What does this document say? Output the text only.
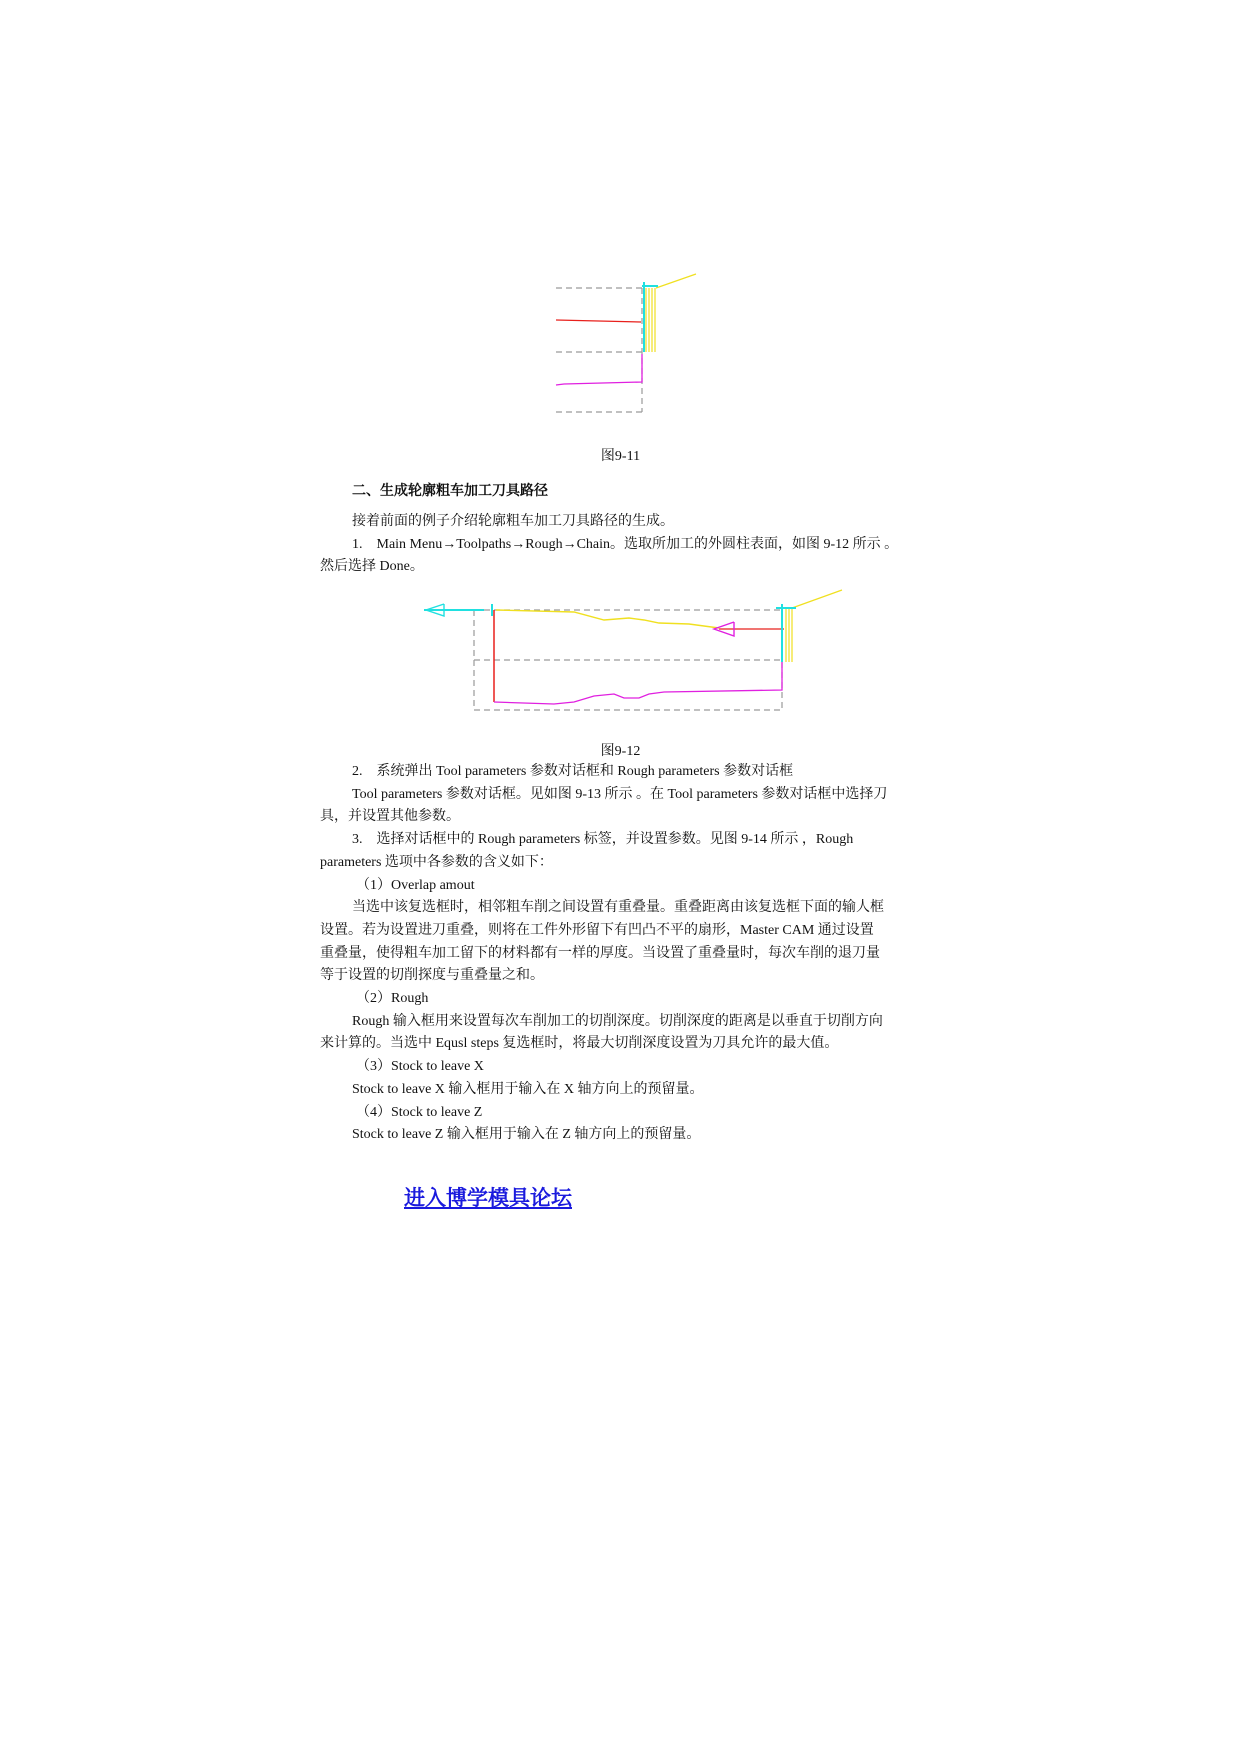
图9-11
二、生成轮廓粗车加工刀具路径

接着前面的例子介绍轮廓粗车加工刀具路径的生成。

1.　Main Menu→Toolpaths→Rough→Chain。选取所加工的外圆柱表面，如图 9-12 所示 。

然后选择 Done。

图9-12

2.　系统弹出 Tool parameters 参数对话框和 Rough parameters 参数对话框

Tool parameters 参数对话框。见如图 9-13 所示 。在 Tool parameters 参数对话框中选择刀

具，并设置其他参数。

3.　选择对话框中的 Rough parameters 标签，并设置参数。见图 9-14 所示 ，Rough

parameters 选项中各参数的含义如下：

（1）Overlap amout

当选中该复选框时，相邻粗车削之间设置有重叠量。重叠距离由该复选框下面的输人框

设置。若为设置进刀重叠，则将在工件外形留下有凹凸不平的扇形，Master CAM 通过设置

重叠量，使得粗车加工留下的材料都有一样的厚度。当设置了重叠量时，每次车削的退刀量

等于设置的切削探度与重叠量之和。

（2）Rough

Rough 输入框用来设置每次车削加工的切削深度。切削深度的距离是以垂直于切削方向

来计算的。当选中 Equsl steps 复选框时，将最大切削深度设置为刀具允许的最大值。

（3）Stock to leave X

Stock to leave X 输入框用于输入在 X 轴方向上的预留量。

（4）Stock to leave Z

Stock to leave Z 输入框用于输入在 Z 轴方向上的预留量。

进入博学模具论坛
